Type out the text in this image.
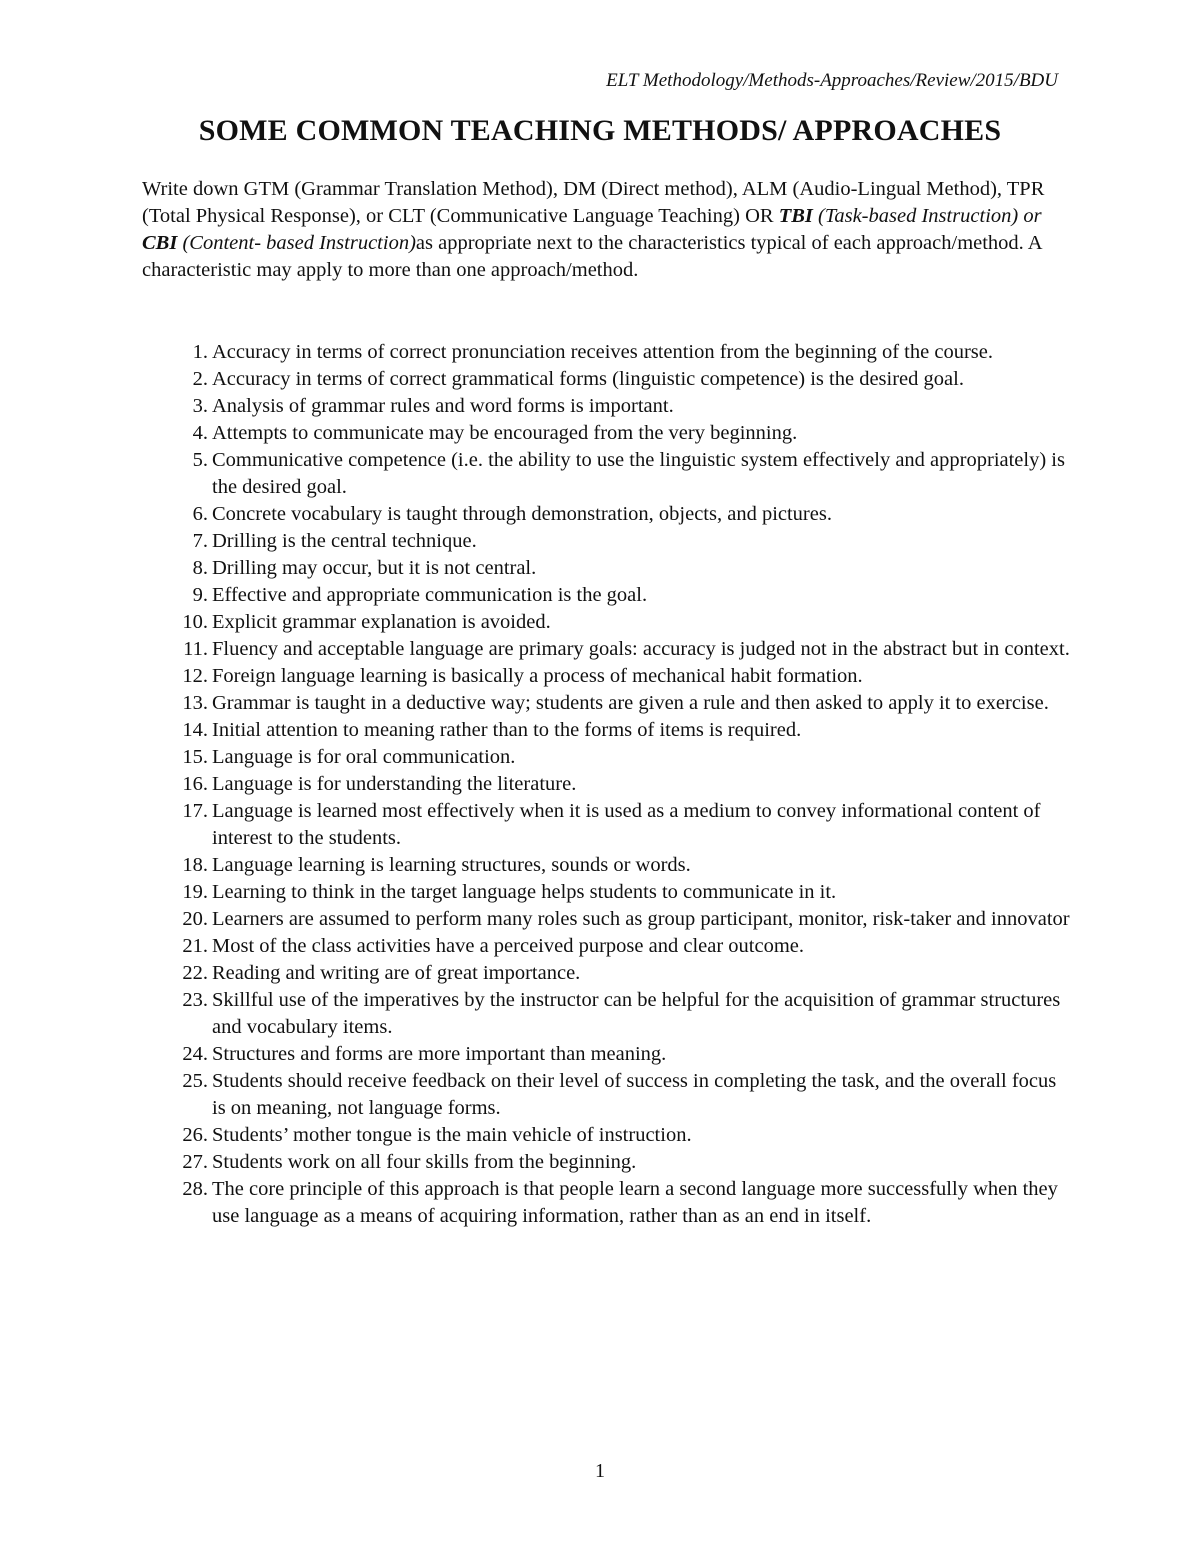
ELT Methodology/Methods-Approaches/Review/2015/BDU
SOME COMMON TEACHING METHODS/ APPROACHES
Write down GTM (Grammar Translation Method), DM (Direct method), ALM (Audio-Lingual Method), TPR (Total Physical Response), or CLT (Communicative Language Teaching) OR TBI (Task-based Instruction) or CBI (Content- based Instruction)as appropriate next to the characteristics typical of each approach/method. A characteristic may apply to more than one approach/method.
1. Accuracy in terms of correct pronunciation receives attention from the beginning of the course.
2. Accuracy in terms of correct grammatical forms (linguistic competence) is the desired goal.
3. Analysis of grammar rules and word forms is important.
4. Attempts to communicate may be encouraged from the very beginning.
5. Communicative competence (i.e. the ability to use the linguistic system effectively and appropriately) is the desired goal.
6. Concrete vocabulary is taught through demonstration, objects, and pictures.
7. Drilling is the central technique.
8. Drilling may occur, but it is not central.
9. Effective and appropriate communication is the goal.
10. Explicit grammar explanation is avoided.
11. Fluency and acceptable language are primary goals: accuracy is judged not in the abstract but in context.
12. Foreign language learning is basically a process of mechanical habit formation.
13. Grammar is taught in a deductive way; students are given a rule and then asked to apply it to exercise.
14. Initial attention to meaning rather than to the forms of items is required.
15. Language is for oral communication.
16. Language is for understanding the literature.
17. Language is learned most effectively when it is used as a medium to convey informational content of interest to the students.
18. Language learning is learning structures, sounds or words.
19. Learning to think in the target language helps students to communicate in it.
20. Learners are assumed to perform many roles such as group participant, monitor, risk-taker and innovator
21. Most of the class activities have a perceived purpose and clear outcome.
22. Reading and writing are of great importance.
23. Skillful use of the imperatives by the instructor can be helpful for the acquisition of grammar structures and vocabulary items.
24. Structures and forms are more important than meaning.
25. Students should receive feedback on their level of success in completing the task, and the overall focus is on meaning, not language forms.
26. Students’ mother tongue is the main vehicle of instruction.
27. Students work on all four skills from the beginning.
28. The core principle of this approach is that people learn a second language more successfully when they use language as a means of acquiring information, rather than as an end in itself.
1
